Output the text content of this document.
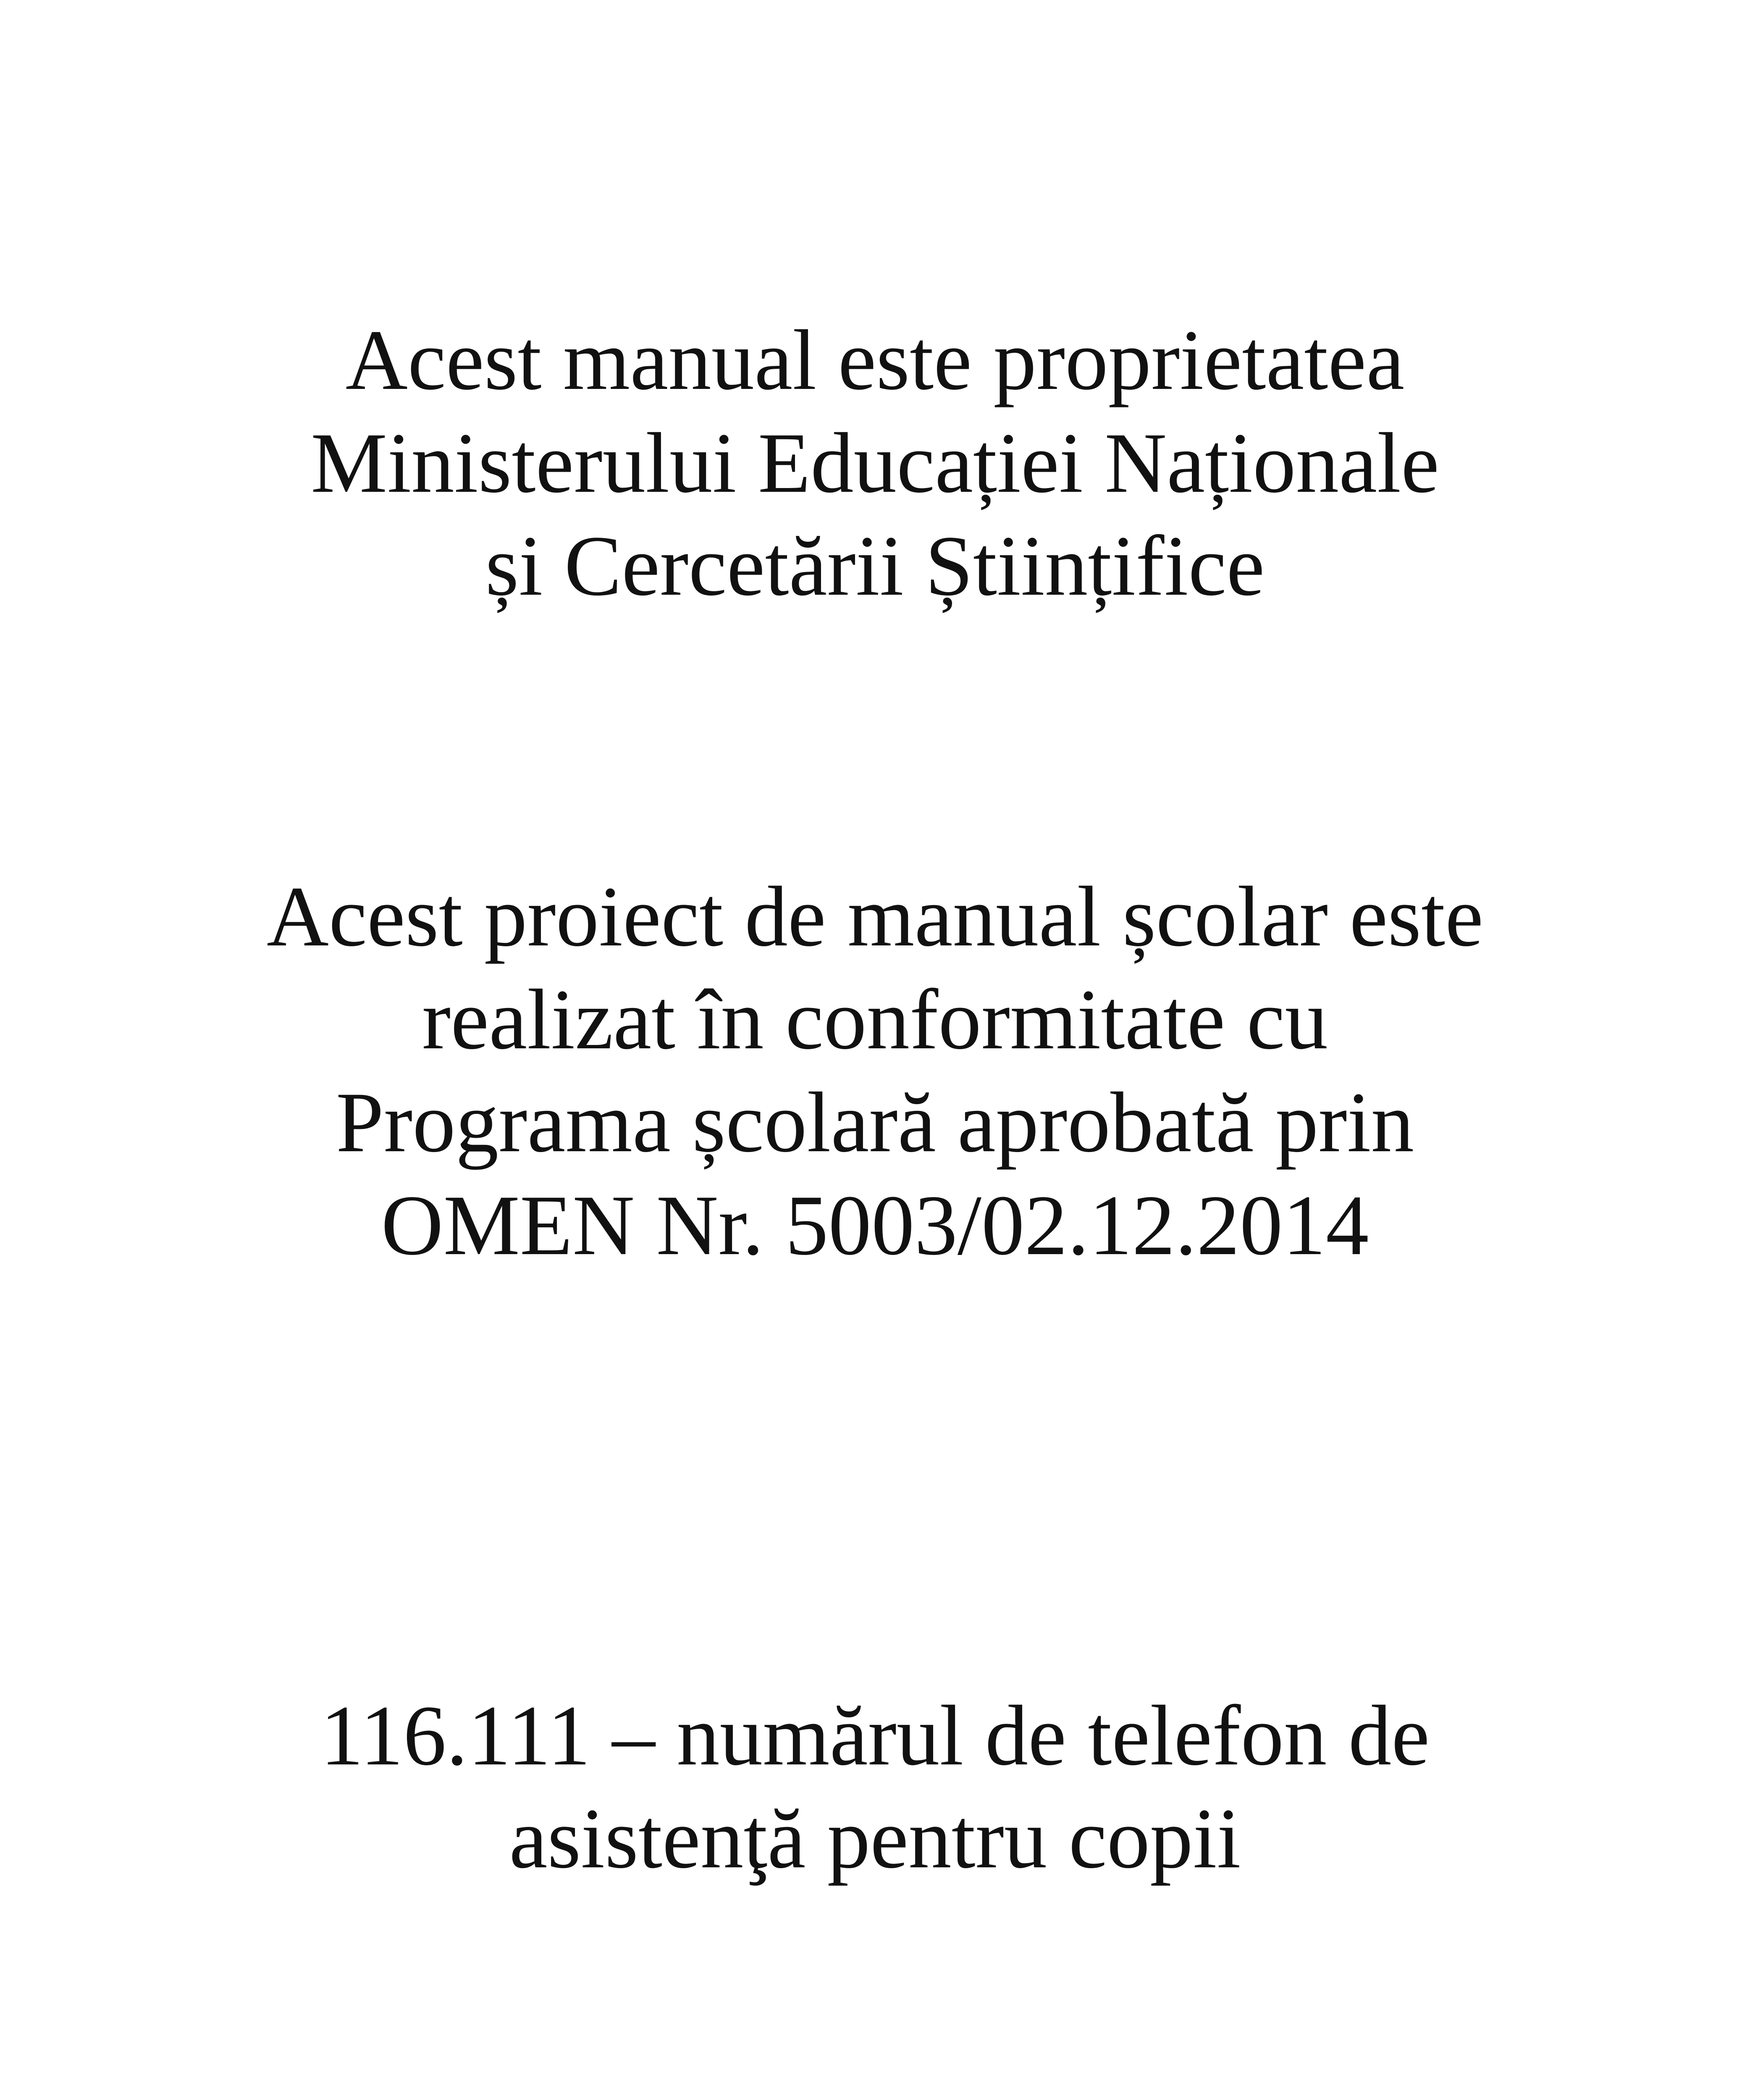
Acest manual este proprietatea
Ministerului Educației Naționale
și Cercetării Științifice
Acest proiect de manual școlar este
realizat în conformitate cu
Programa școlară aprobată prin
OMEN Nr. 5003/02.12.2014
116.111 – numărul de telefon de
asistenţă pentru copii
